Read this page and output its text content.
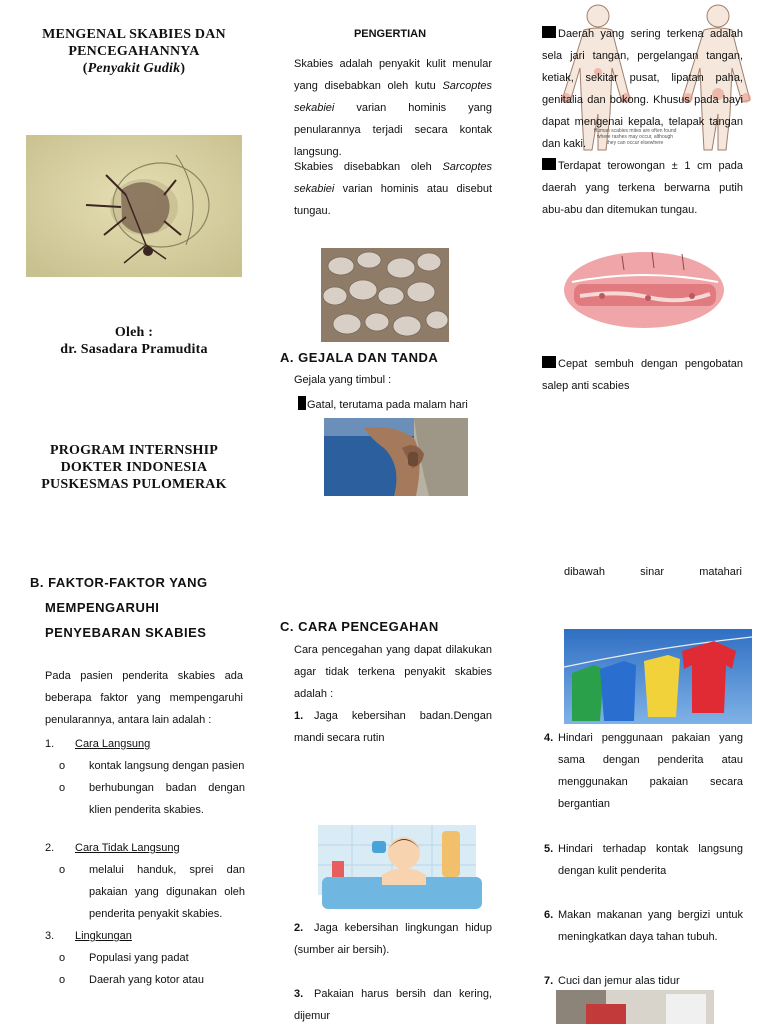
MENGENAL SKABIES DAN
PENCEGAHANNYA
(Penyakit Gudik)
Oleh :
dr. Sasadara Pramudita
PROGRAM INTERNSHIP
DOKTER INDONESIA
PUSKESMAS PULOMERAK
PENGERTIAN
Skabies adalah penyakit kulit menular yang disebabkan oleh kutu Sarcoptes sekabiei varian hominis yang penularannya terjadi secara kontak langsung.
Skabies disebabkan oleh Sarcoptes sekabiei varian hominis atau disebut tungau.
A. GEJALA DAN TANDA
Gejala yang timbul :
Gatal, terutama pada malam hari
Daerah yang sering terkena adalah sela jari tangan, pergelangan tangan, ketiak, sekitar pusat, lipatan paha, genitalia dan bokong. Khusus pada bayi dapat mengenai kepala, telapak tangan dan kaki.
Human scabies mites are often found where rashes may occur, although they can occur elsewhere
Terdapat terowongan ± 1 cm pada daerah yang terkena berwarna putih abu-abu dan ditemukan tungau.
Cepat sembuh dengan pengobatan salep anti scabies
B. FAKTOR-FAKTOR YANG
MEMPENGARUHI
PENYEBARAN SKABIES
Pada pasien penderita skabies ada beberapa faktor yang mempengaruhi penularannya, antara lain adalah :
1. Cara Langsung
o	kontak langsung dengan pasien
o	berhubungan badan dengan klien penderita skabies.
2. Cara Tidak Langsung
o	melalui handuk, sprei dan pakaian yang digunakan oleh penderita penyakit skabies.
3. Lingkungan
o	Populasi yang padat
o	Daerah yang kotor atau
C. CARA PENCEGAHAN
Cara pencegahan yang dapat dilakukan agar tidak terkena penyakit skabies adalah :
1. Jaga kebersihan badan.Dengan mandi secara rutin
2. Jaga kebersihan lingkungan hidup (sumber air bersih).
3. Pakaian harus bersih dan kering, dijemur
dibawah sinar matahari
4. Hindari penggunaan pakaian yang sama dengan penderita atau menggunakan pakaian secara bergantian
5. Hindari terhadap kontak langsung dengan kulit penderita
6. Makan makanan yang bergizi untuk meningkatkan daya tahan tubuh.
7. Cuci dan jemur alas tidur
